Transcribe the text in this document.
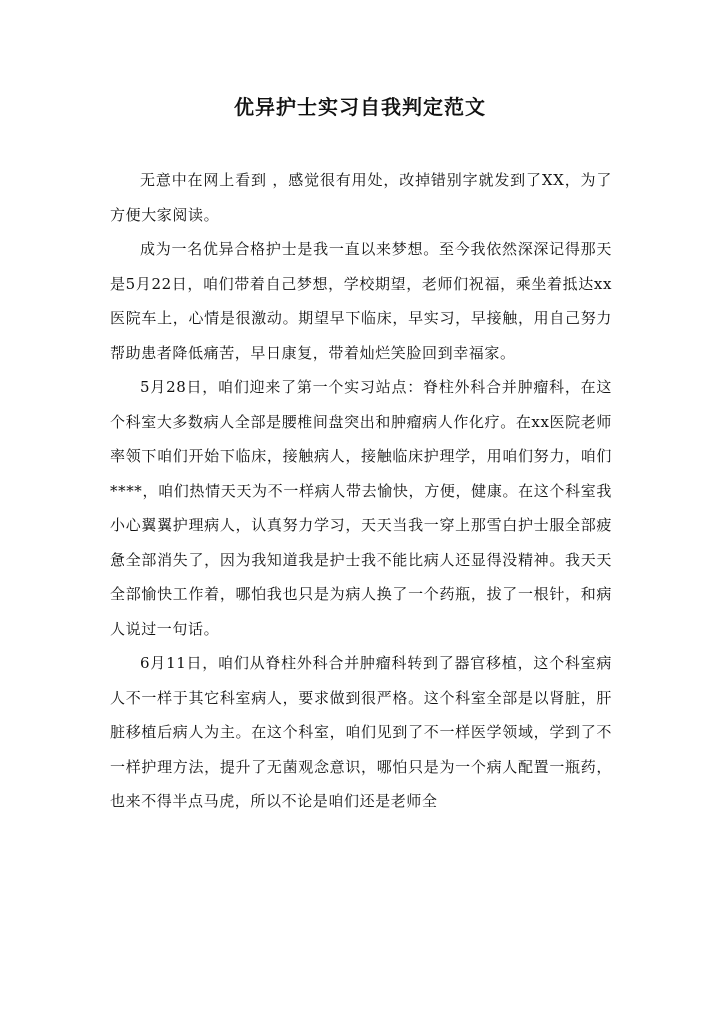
优异护士实习自我判定范文

无意中在网上看到 ，感觉很有用处，改掉错别字就发到了XX，为了方便大家阅读。

成为一名优异合格护士是我一直以来梦想。至今我依然深深记得那天是5月22日，咱们带着自己梦想，学校期望，老师们祝福，乘坐着抵达xx医院车上，心情是很激动。期望早下临床，早实习，早接触，用自己努力帮助患者降低痛苦，早日康复，带着灿烂笑脸回到幸福家。

5月28日，咱们迎来了第一个实习站点：脊柱外科合并肿瘤科，在这个科室大多数病人全部是腰椎间盘突出和肿瘤病人作化疗。在xx医院老师率领下咱们开始下临床，接触病人，接触临床护理学，用咱们努力，咱们****，咱们热情天天为不一样病人带去愉快，方便，健康。在这个科室我小心翼翼护理病人，认真努力学习，天天当我一穿上那雪白护士服全部疲惫全部消失了，因为我知道我是护士我不能比病人还显得没精神。我天天全部愉快工作着，哪怕我也只是为病人换了一个药瓶，拔了一根针，和病人说过一句话。

6月11日，咱们从脊柱外科合并肿瘤科转到了器官移植，这个科室病人不一样于其它科室病人，要求做到很严格。这个科室全部是以肾脏，肝脏移植后病人为主。在这个科室，咱们见到了不一样医学领域，学到了不一样护理方法，提升了无菌观念意识，哪怕只是为一个病人配置一瓶药，也来不得半点马虎，所以不论是咱们还是老师全
